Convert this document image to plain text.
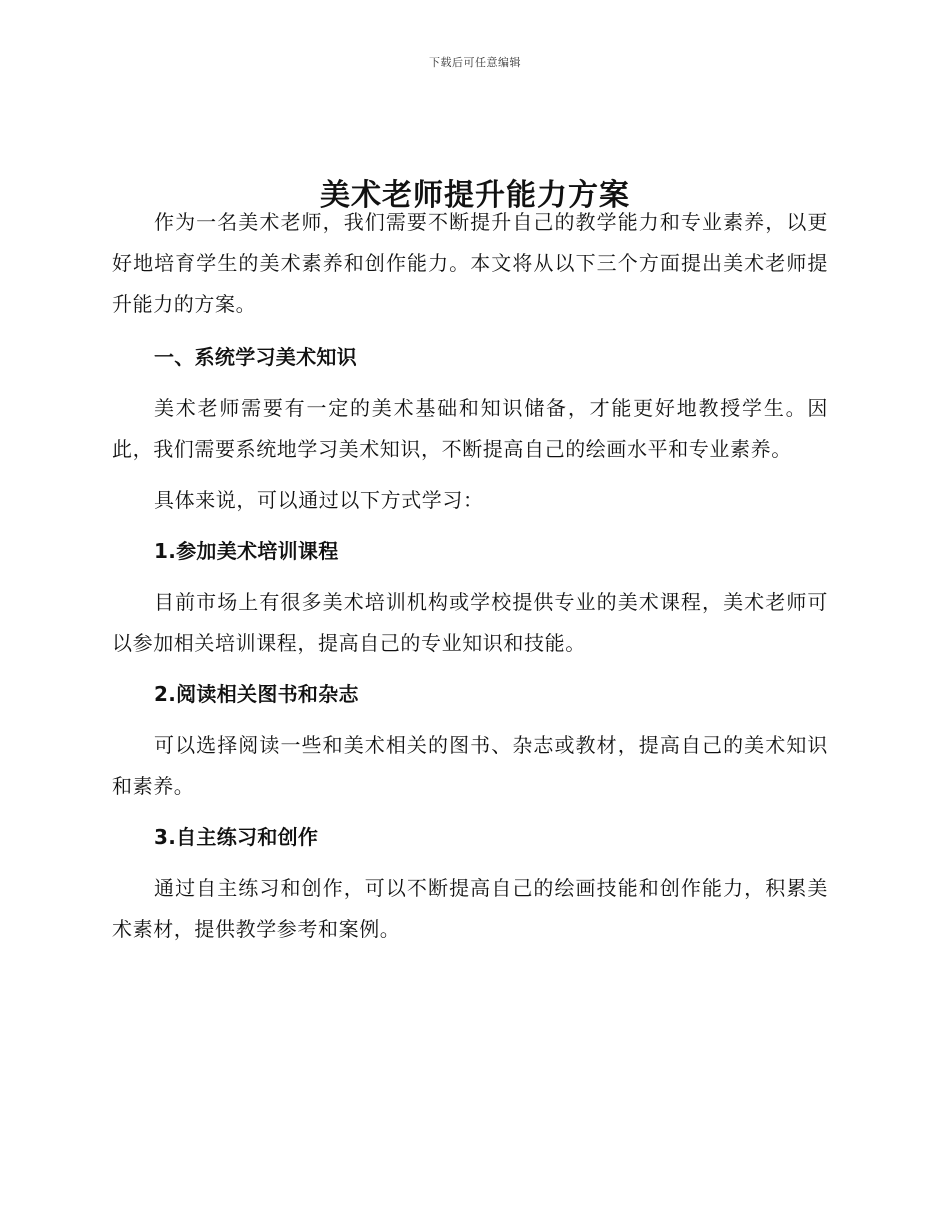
下载后可任意编辑
美术老师提升能力方案

作为一名美术老师，我们需要不断提升自己的教学能力和专业素养，以更好地培育学生的美术素养和创作能力。本文将从以下三个方面提出美术老师提升能力的方案。

一、系统学习美术知识

美术老师需要有一定的美术基础和知识储备，才能更好地教授学生。因此，我们需要系统地学习美术知识，不断提高自己的绘画水平和专业素养。

具体来说，可以通过以下方式学习：

1.参加美术培训课程

目前市场上有很多美术培训机构或学校提供专业的美术课程，美术老师可以参加相关培训课程，提高自己的专业知识和技能。

2.阅读相关图书和杂志

可以选择阅读一些和美术相关的图书、杂志或教材，提高自己的美术知识和素养。

3.自主练习和创作

通过自主练习和创作，可以不断提高自己的绘画技能和创作能力，积累美术素材，提供教学参考和案例。
